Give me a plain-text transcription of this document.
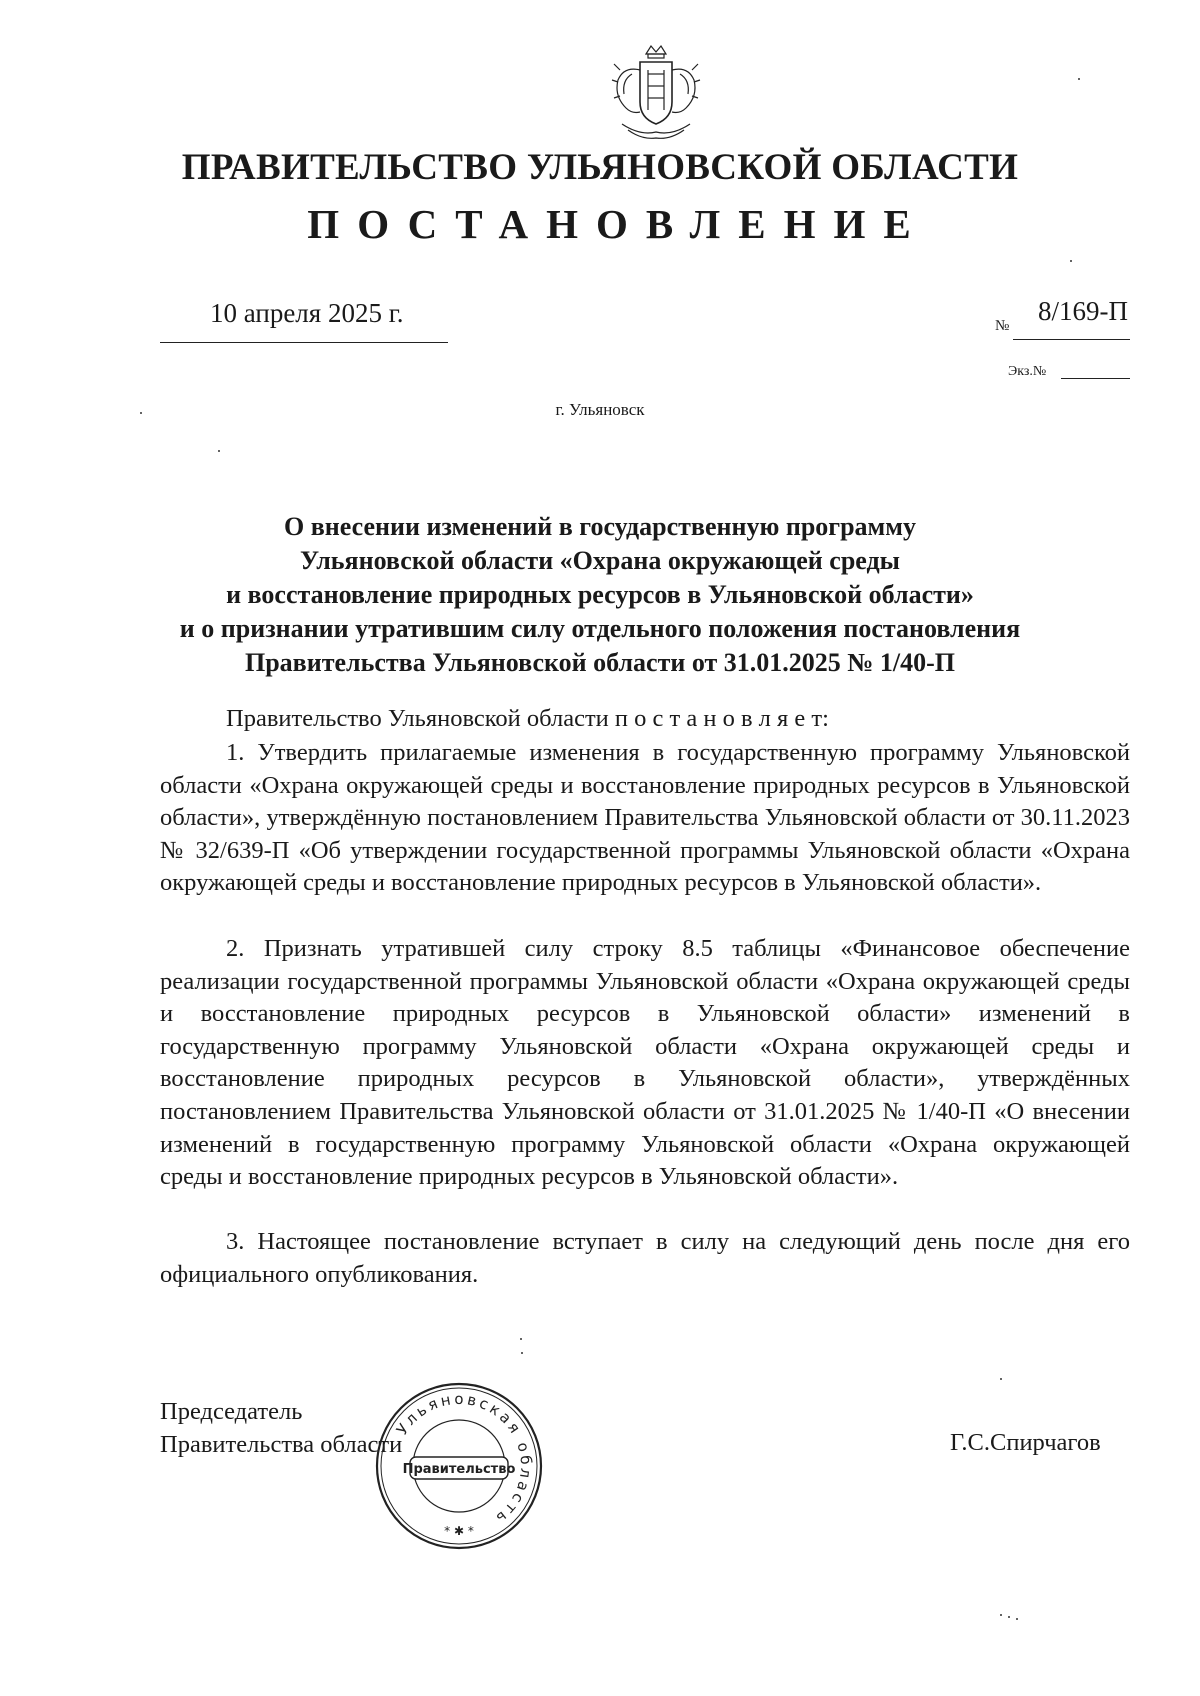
ПРАВИТЕЛЬСТВО УЛЬЯНОВСКОЙ ОБЛАСТИ
ПОСТАНОВЛЕНИЕ
10 апреля 2025 г.	№ 8/169-П
Экз.№
г. Ульяновск
О внесении изменений в государственную программу
Ульяновской области «Охрана окружающей среды
и восстановление природных ресурсов в Ульяновской области»
и о признании утратившим силу отдельного положения постановления
Правительства Ульяновской области от 31.01.2025 № 1/40-П
Правительство Ульяновской области п о с т а н о в л я е т:
1. Утвердить прилагаемые изменения в государственную программу Ульяновской области «Охрана окружающей среды и восстановление природных ресурсов в Ульяновской области», утверждённую постановлением Правительства Ульяновской области от 30.11.2023 № 32/639-П «Об утверждении государственной программы Ульяновской области «Охрана окружающей среды и восстановление природных ресурсов в Ульяновской области».
2. Признать утратившей силу строку 8.5 таблицы «Финансовое обеспечение реализации государственной программы Ульяновской области «Охрана окружающей среды и восстановление природных ресурсов в Ульяновской области» изменений в государственную программу Ульяновской области «Охрана окружающей среды и восстановление природных ресурсов в Ульяновской области», утверждённых постановлением Правительства Ульяновской области от 31.01.2025 № 1/40-П «О внесении изменений в государственную программу Ульяновской области «Охрана окружающей среды и восстановление природных ресурсов в Ульяновской области».
3. Настоящее постановление вступает в силу на следующий день после дня его официального опубликования.
Председатель
Правительства области	Г.С.Спирчагов
Ульяновская область
Правительство
* ✱ *
